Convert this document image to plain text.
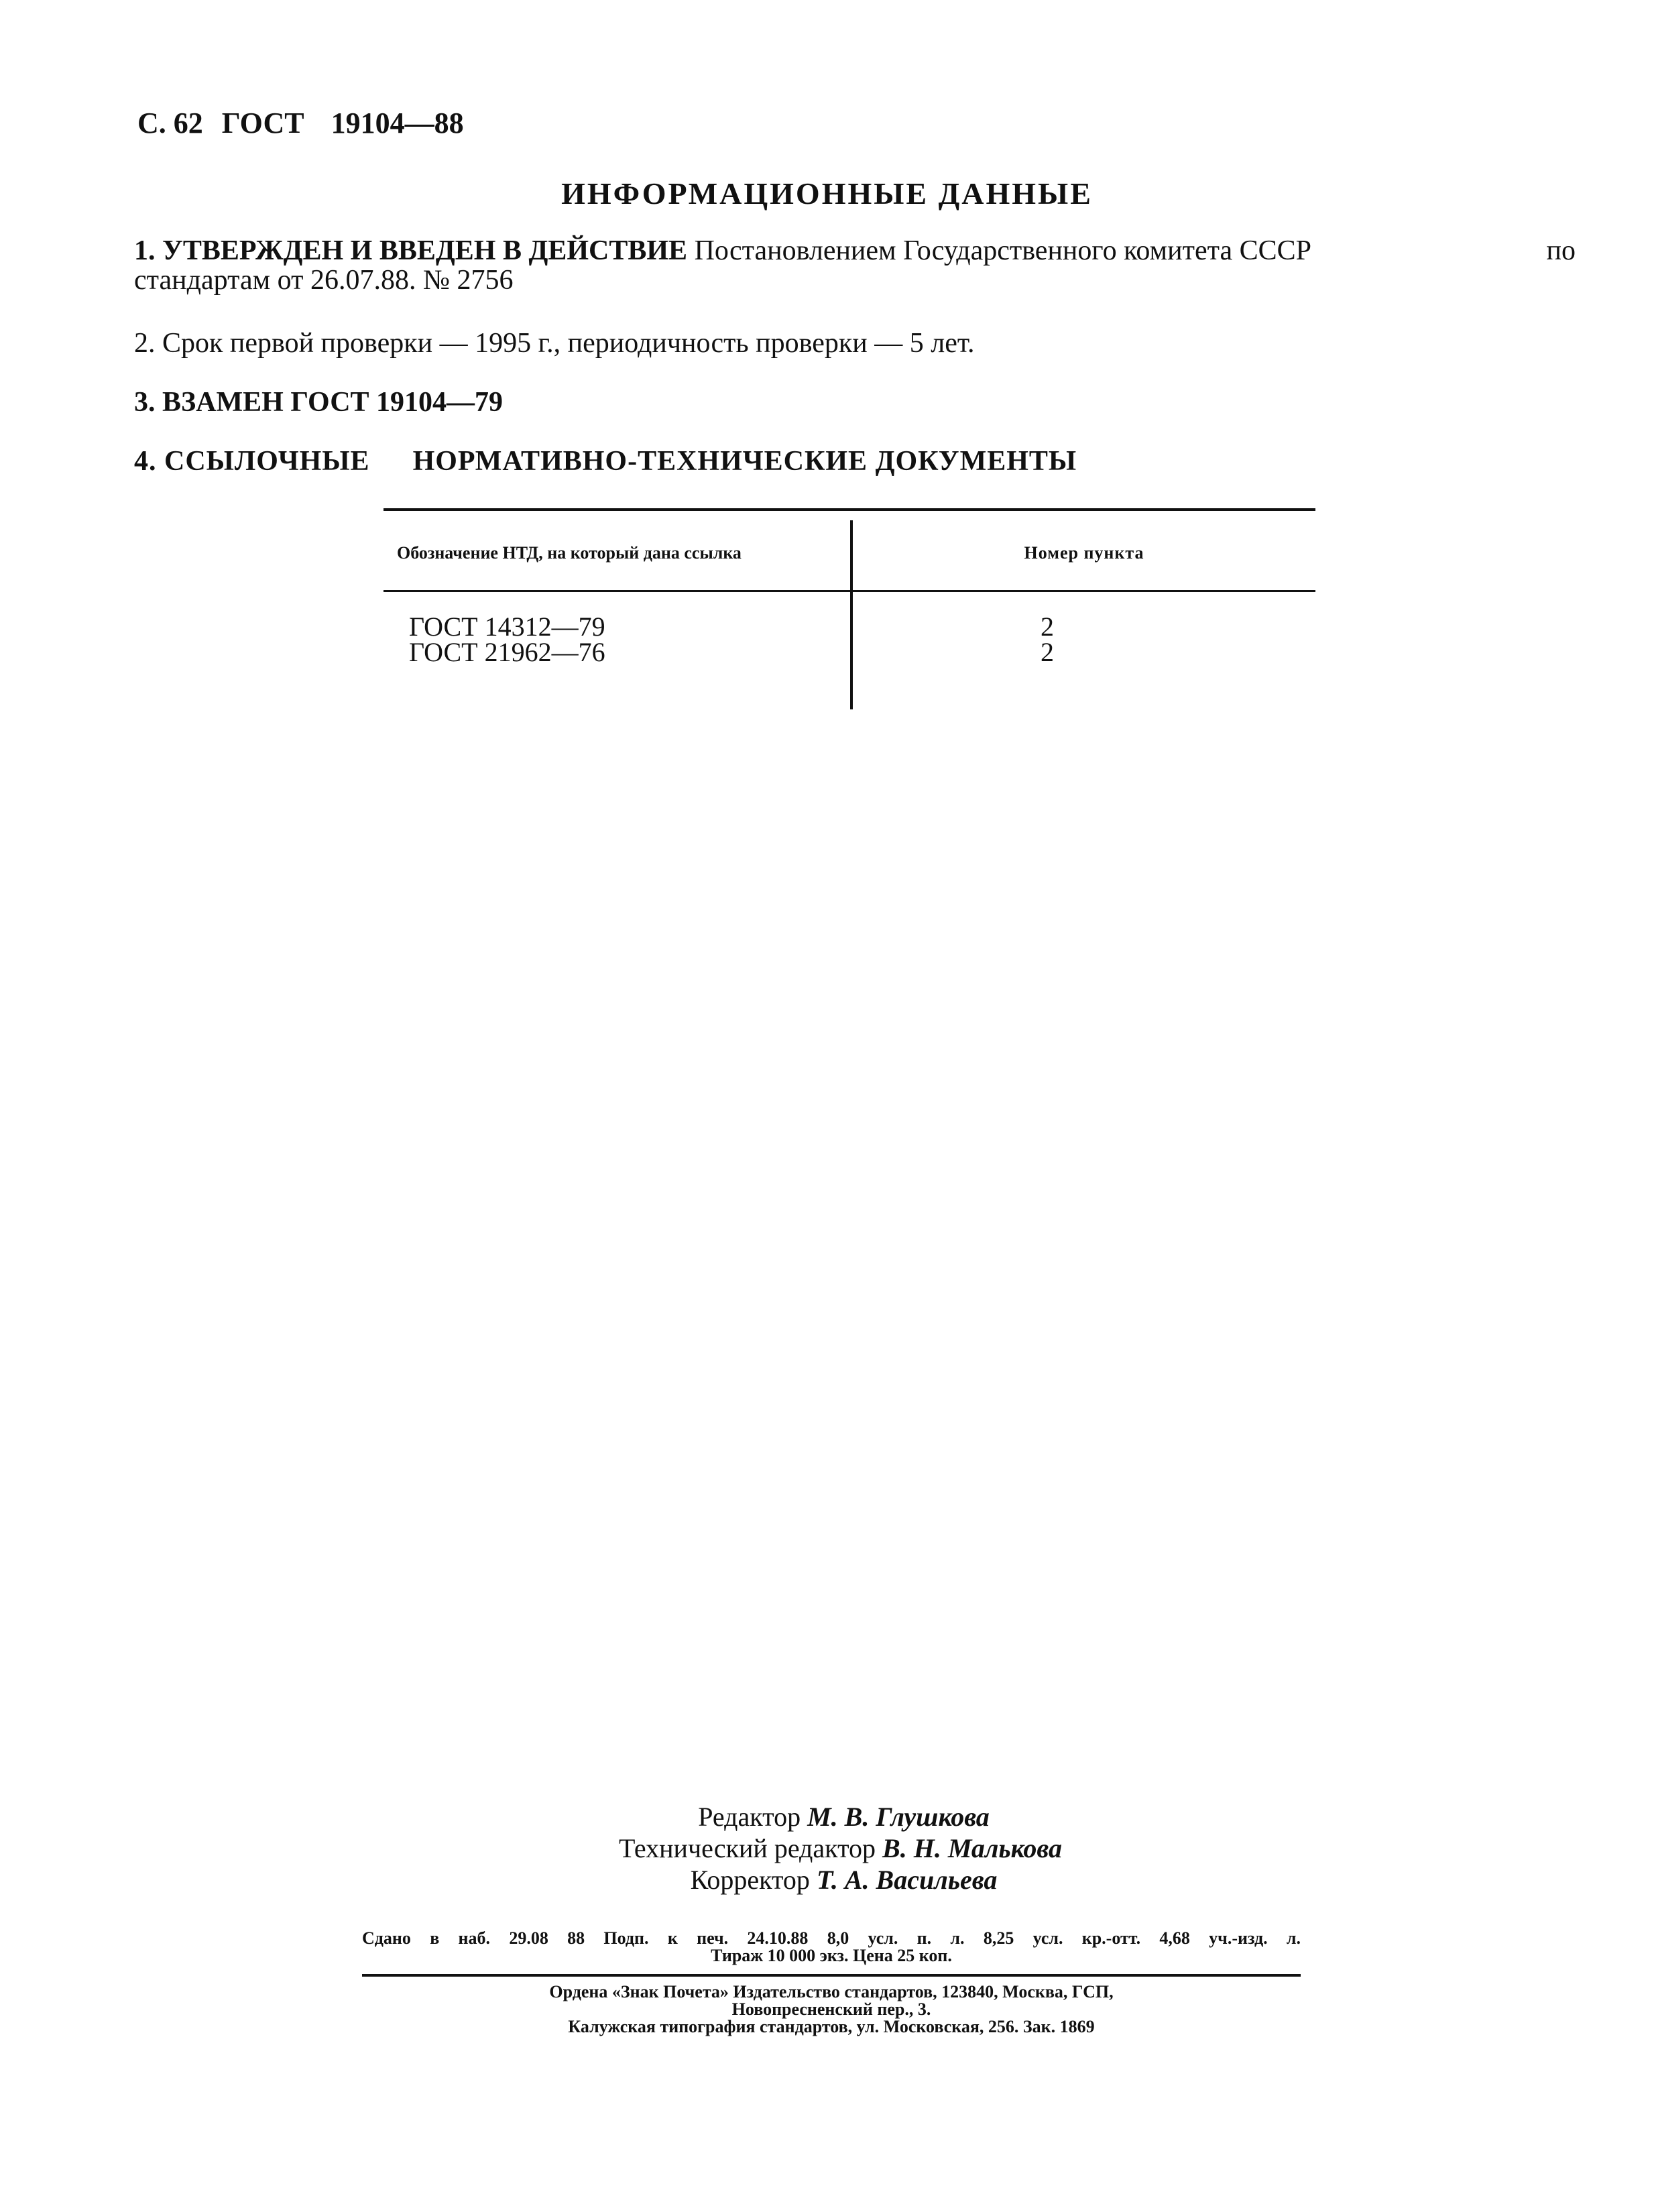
С. 62 ГОСТ 19104—88
ИНФОРМАЦИОННЫЕ ДАННЫЕ
1. УТВЕРЖДЕН И ВВЕДЕН В ДЕЙСТВИЕ Постановлением Государственного комитета СССР	по
стандартам от 26.07.88. № 2756
2. Срок первой проверки — 1995 г., периодичность проверки — 5 лет.
3. ВЗАМЕН ГОСТ 19104—79
4. ССЫЛОЧНЫЕ НОРМАТИВНО-ТЕХНИЧЕСКИЕ ДОКУМЕНТЫ
Обозначение НТД, на который дана ссылка	Номер пункта
ГОСТ 14312—79	2
ГОСТ 21962—76	2
Редактор М. В. Глушкова
Технический редактор В. Н. Малькова
Корректор Т. А. Васильева
Сдано в наб. 29.08 88 Подп. к печ. 24.10.88 8,0 усл. п. л. 8,25 усл. кр.-отт. 4,68 уч.-изд. л.
Тираж 10 000 экз. Цена 25 коп.
Ордена «Знак Почета» Издательство стандартов, 123840, Москва, ГСП,
Новопресненский пер., 3.
Калужская типография стандартов, ул. Московская, 256. Зак. 1869
